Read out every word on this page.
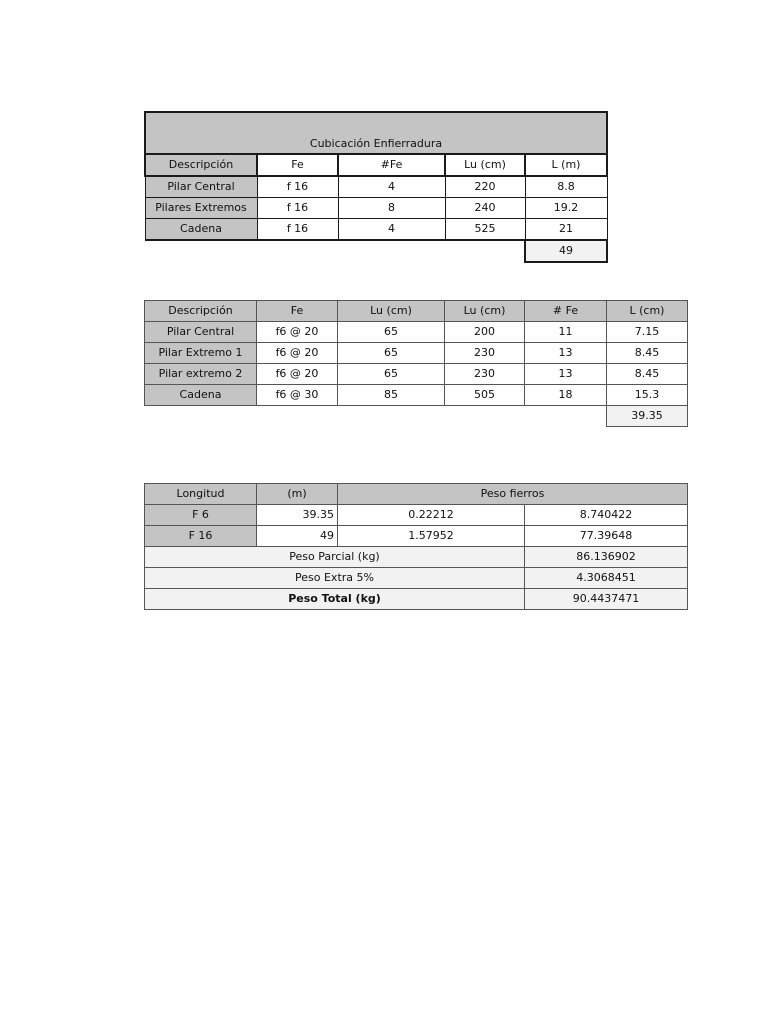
Cubicación Enfierradura				
Descripción	Fe	#Fe	Lu (cm)	L (m)
Pilar Central	f 16	4	220	8.8
Pilares Extremos	f 16	8	240	19.2
Cadena	f 16	4	525	21
				49
Descripción	Fe	Lu (cm)	Lu (cm)	# Fe	L (cm)
Pilar Central	f6 @ 20	65	200	11	7.15
Pilar Extremo 1	f6 @ 20	65	230	13	8.45
Pilar extremo 2	f6 @ 20	65	230	13	8.45
Cadena	f6 @ 30	85	505	18	15.3
					39.35
Longitud	(m)	Peso fierros	
F 6	39.35	0.22212	8.740422
F 16	49	1.57952	77.39648
Peso Parcial (kg)			86.136902
Peso Extra 5%			4.3068451
Peso Total (kg)			90.4437471
